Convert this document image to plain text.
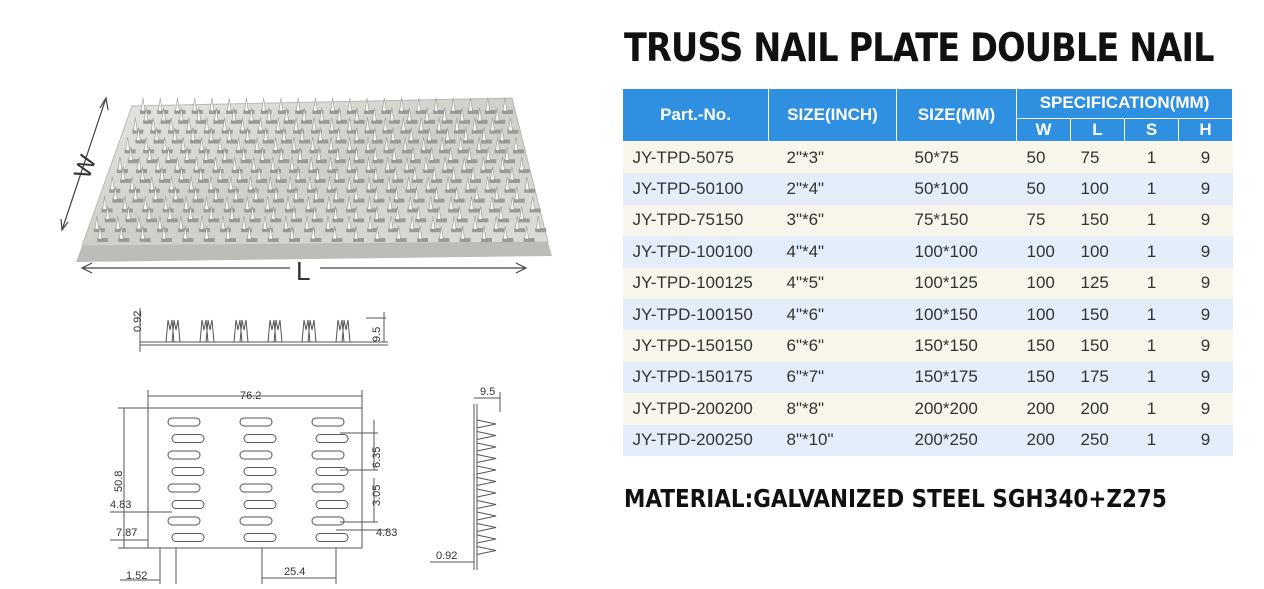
W
L
0.92
9.5
76.2
50.8
6.35
3.05
4.83
7.87	4.83
1.52	25.4
9.5
0.92
TRUSS NAIL PLATE DOUBLE NAIL
Part.-No.	SIZE(INCH)	SIZE(MM)	SPECIFICATION(MM)			
			W	L	S	H
JY-TPD-5075	2"*3"	50*75	50	75	1	9
JY-TPD-50100	2"*4"	50*100	50	100	1	9
JY-TPD-75150	3"*6"	75*150	75	150	1	9
JY-TPD-100100	4"*4"	100*100	100	100	1	9
JY-TPD-100125	4"*5"	100*125	100	125	1	9
JY-TPD-100150	4"*6"	100*150	100	150	1	9
JY-TPD-150150	6"*6"	150*150	150	150	1	9
JY-TPD-150175	6"*7"	150*175	150	175	1	9
JY-TPD-200200	8"*8"	200*200	200	200	1	9
JY-TPD-200250	8"*10"	200*250	200	250	1	9

MATERIAL:GALVANIZED STEEL SGH340+Z275
